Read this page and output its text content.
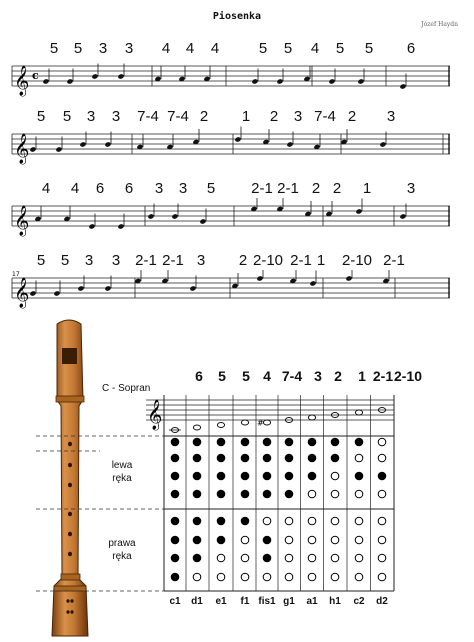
Piosenka
Józef Haydn
5 5 3 3 4 4 4	5 5 4 5 5 6
𝄞 c
5 5 3 3 7-4 7-4 2 1 2 3 7-4 2 3
𝄞
4 4 6 6 3 3 5 2-1 2-1 2 2 1 3
𝄞
5 5 3 3 2-1 2-1 3 2 2-10 2-1 1 2-10 2-1
𝄞
17
6 5 5 4 7-4 3 2 1 2-1 2-10
C - Sopran
lewa
ręka
prawa
ręka
𝄞	#
c1 d1 e1 f1 fis1 g1 a1 h1 c2 d2
